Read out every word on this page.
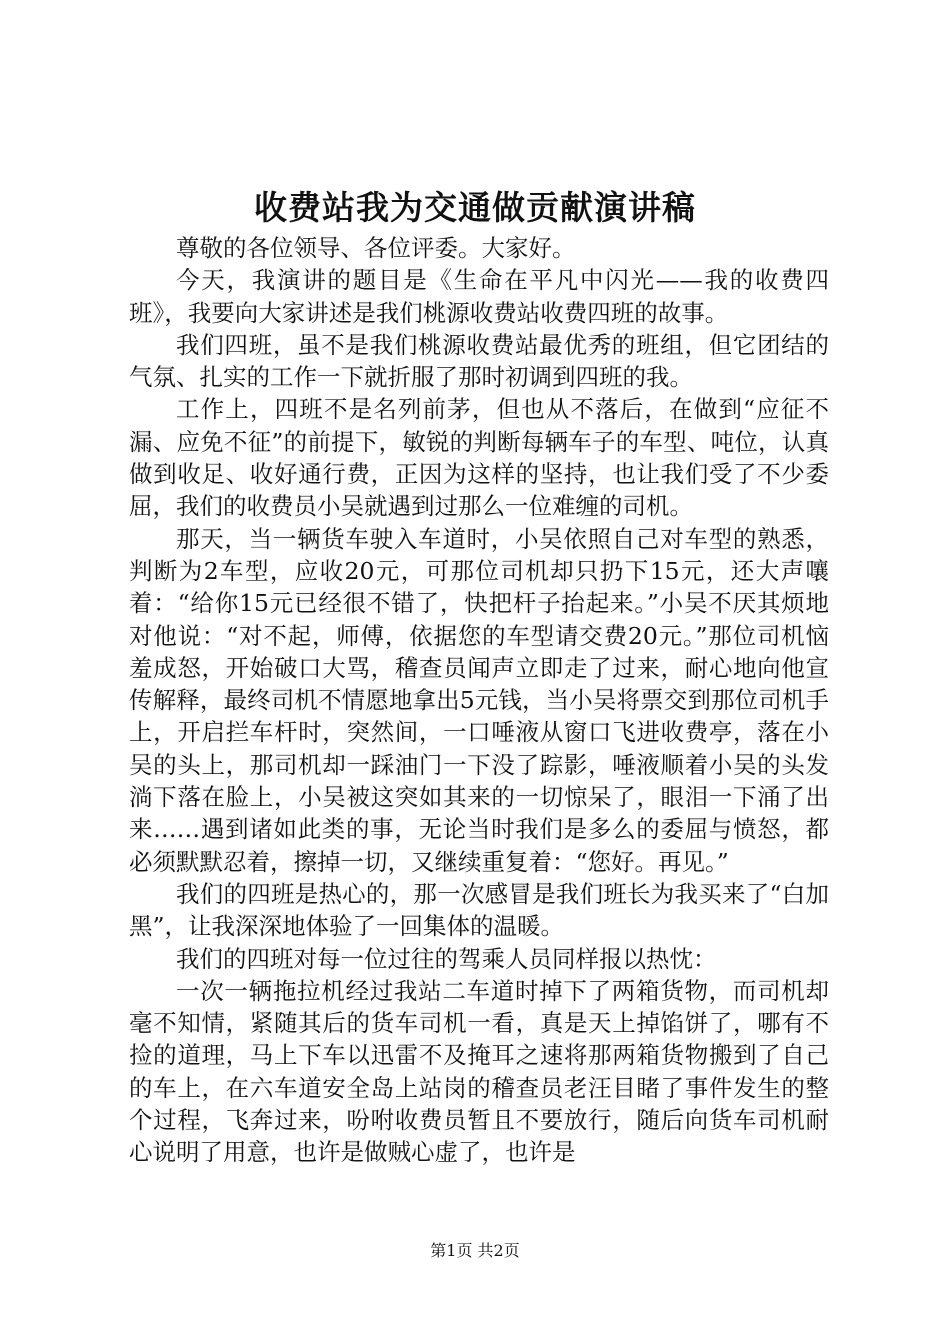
收费站我为交通做贡献演讲稿

尊敬的各位领导、各位评委。大家好。

今天，我演讲的题目是《生命在平凡中闪光——我的收费四班》，我要向大家讲述是我们桃源收费站收费四班的故事。

我们四班，虽不是我们桃源收费站最优秀的班组，但它团结的气氛、扎实的工作一下就折服了那时初调到四班的我。

工作上，四班不是名列前茅，但也从不落后，在做到“应征不漏、应免不征”的前提下，敏锐的判断每辆车子的车型、吨位，认真做到收足、收好通行费，正因为这样的坚持，也让我们受了不少委屈，我们的收费员小吴就遇到过那么一位难缠的司机。

那天，当一辆货车驶入车道时，小吴依照自己对车型的熟悉，判断为2车型，应收20元，可那位司机却只扔下15元，还大声嚷着：“给你15元已经很不错了，快把杆子抬起来。”小吴不厌其烦地对他说：“对不起，师傅，依据您的车型请交费20元。”那位司机恼羞成怒，开始破口大骂，稽查员闻声立即走了过来，耐心地向他宣传解释，最终司机不情愿地拿出5元钱，当小吴将票交到那位司机手上，开启拦车杆时，突然间，一口唾液从窗口飞进收费亭，落在小吴的头上，那司机却一踩油门一下没了踪影，唾液顺着小吴的头发淌下落在脸上，小吴被这突如其来的一切惊呆了，眼泪一下涌了出来……遇到诸如此类的事，无论当时我们是多么的委屈与愤怒，都必须默默忍着，擦掉一切，又继续重复着：“您好。再见。”

我们的四班是热心的，那一次感冒是我们班长为我买来了“白加黑”，让我深深地体验了一回集体的温暖。

我们的四班对每一位过往的驾乘人员同样报以热忱：

一次一辆拖拉机经过我站二车道时掉下了两箱货物，而司机却毫不知情，紧随其后的货车司机一看，真是天上掉馅饼了，哪有不捡的道理，马上下车以迅雷不及掩耳之速将那两箱货物搬到了自己的车上，在六车道安全岛上站岗的稽查员老汪目睹了事件发生的整个过程，飞奔过来，吩咐收费员暂且不要放行，随后向货车司机耐心说明了用意，也许是做贼心虚了，也许是

第1页 共2页
